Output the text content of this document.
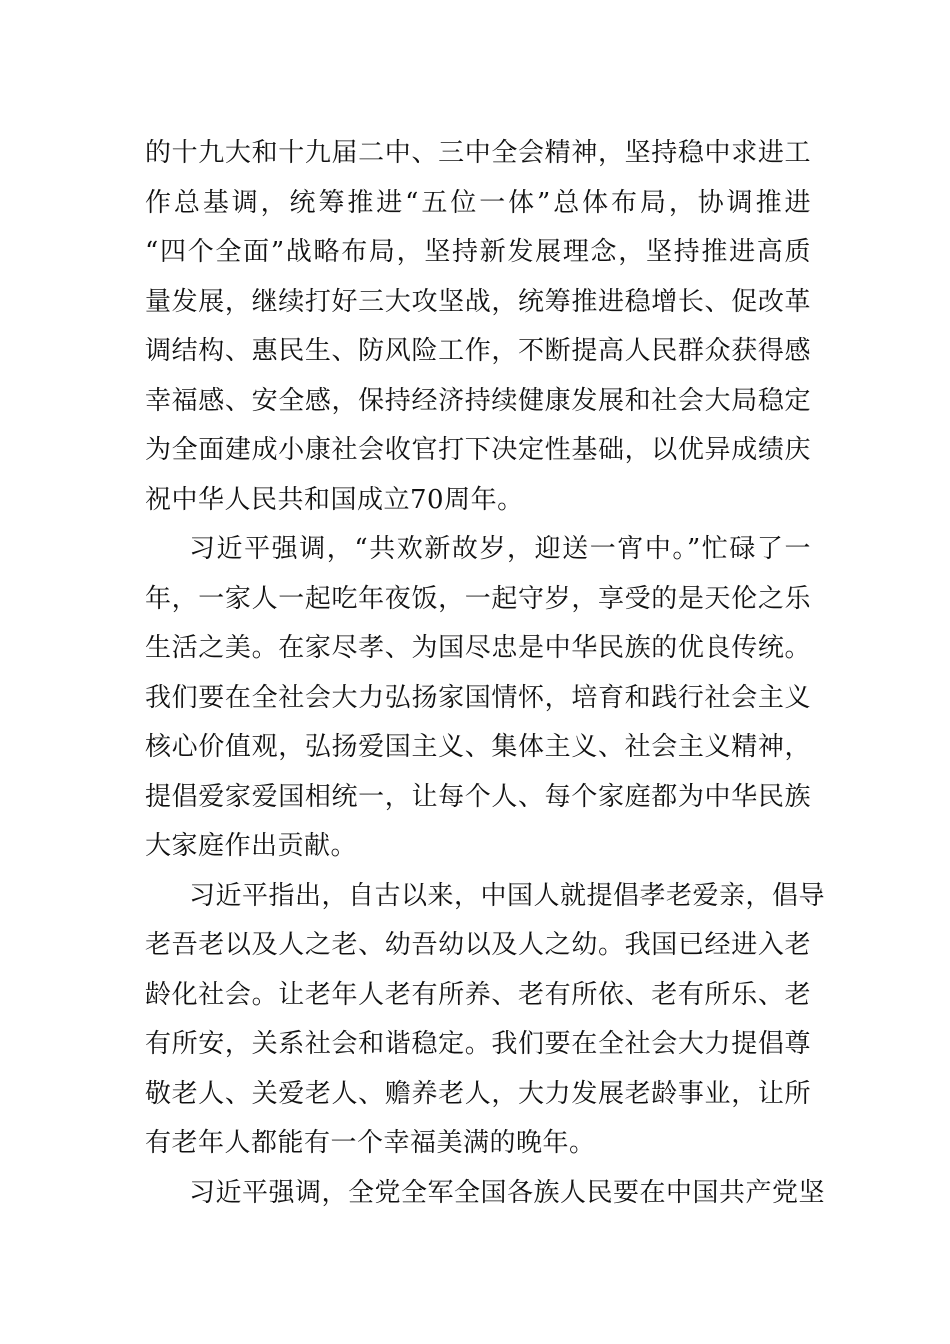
的十九大和十九届二中、三中全会精神，坚持稳中求进工
作总基调，统筹推进“五位一体”总体布局，协调推进
“四个全面”战略布局，坚持新发展理念，坚持推进高质
量发展，继续打好三大攻坚战，统筹推进稳增长、促改革
调结构、惠民生、防风险工作，不断提高人民群众获得感
幸福感、安全感，保持经济持续健康发展和社会大局稳定
为全面建成小康社会收官打下决定性基础，以优异成绩庆
祝中华人民共和国成立70周年。
习近平强调，“共欢新故岁，迎送一宵中。”忙碌了一
年，一家人一起吃年夜饭，一起守岁，享受的是天伦之乐
生活之美。在家尽孝、为国尽忠是中华民族的优良传统。
我们要在全社会大力弘扬家国情怀，培育和践行社会主义
核心价值观，弘扬爱国主义、集体主义、社会主义精神，
提倡爱家爱国相统一，让每个人、每个家庭都为中华民族
大家庭作出贡献。
习近平指出，自古以来，中国人就提倡孝老爱亲，倡导
老吾老以及人之老、幼吾幼以及人之幼。我国已经进入老
龄化社会。让老年人老有所养、老有所依、老有所乐、老
有所安，关系社会和谐稳定。我们要在全社会大力提倡尊
敬老人、关爱老人、赡养老人，大力发展老龄事业，让所
有老年人都能有一个幸福美满的晚年。
习近平强调，全党全军全国各族人民要在中国共产党坚
